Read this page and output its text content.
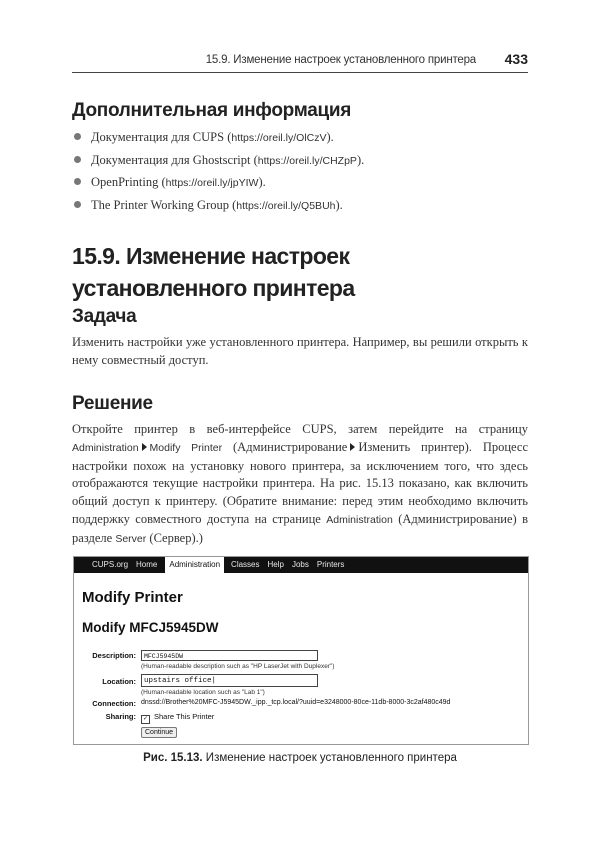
15.9. Изменение настроек установленного принтера 433
Дополнительная информация
Документация для CUPS (https://oreil.ly/OlCzV).
Документация для Ghostscript (https://oreil.ly/CHZpP).
OpenPrinting (https://oreil.ly/jpYIW).
The Printer Working Group (https://oreil.ly/Q5BUh).
15.9. Изменение настроек установленного принтера
Задача

Изменить настройки уже установленного принтера. Например, вы решили открыть к нему совместный доступ.

Решение

Откройте принтер в веб-интерфейсе CUPS, затем перейдите на страницу Administration Modify Printer (Администрирование Изменить принтер). Процесс настройки похож на установку нового принтера, за исключением того, что здесь отображаются текущие настройки принтера. На рис. 15.13 показано, как включить общий доступ к принтеру. (Обратите внимание: перед этим необходимо включить поддержку совместного доступа на странице Administration (Администрирование) в разделе Server (Сервер).)

CUPS.org Home	Administration	Classes Help Jobs Printers
Modify Printer
Modify MFCJ5945DW
Description:	MFCJ5945DW
(Human-readable description such as "HP LaserJet with Duplexer")
Location:	upstairs office|
(Human-readable location such as "Lab 1")
Connection: dnssd://Brother%20MFC-J5945DW._ipp._tcp.local/?uuid=e3248000-80ce-11db-8000-3c2af480c49d
Sharing:	✓ Share This Printer
Continue
Рис. 15.13. Изменение настроек установленного принтера
